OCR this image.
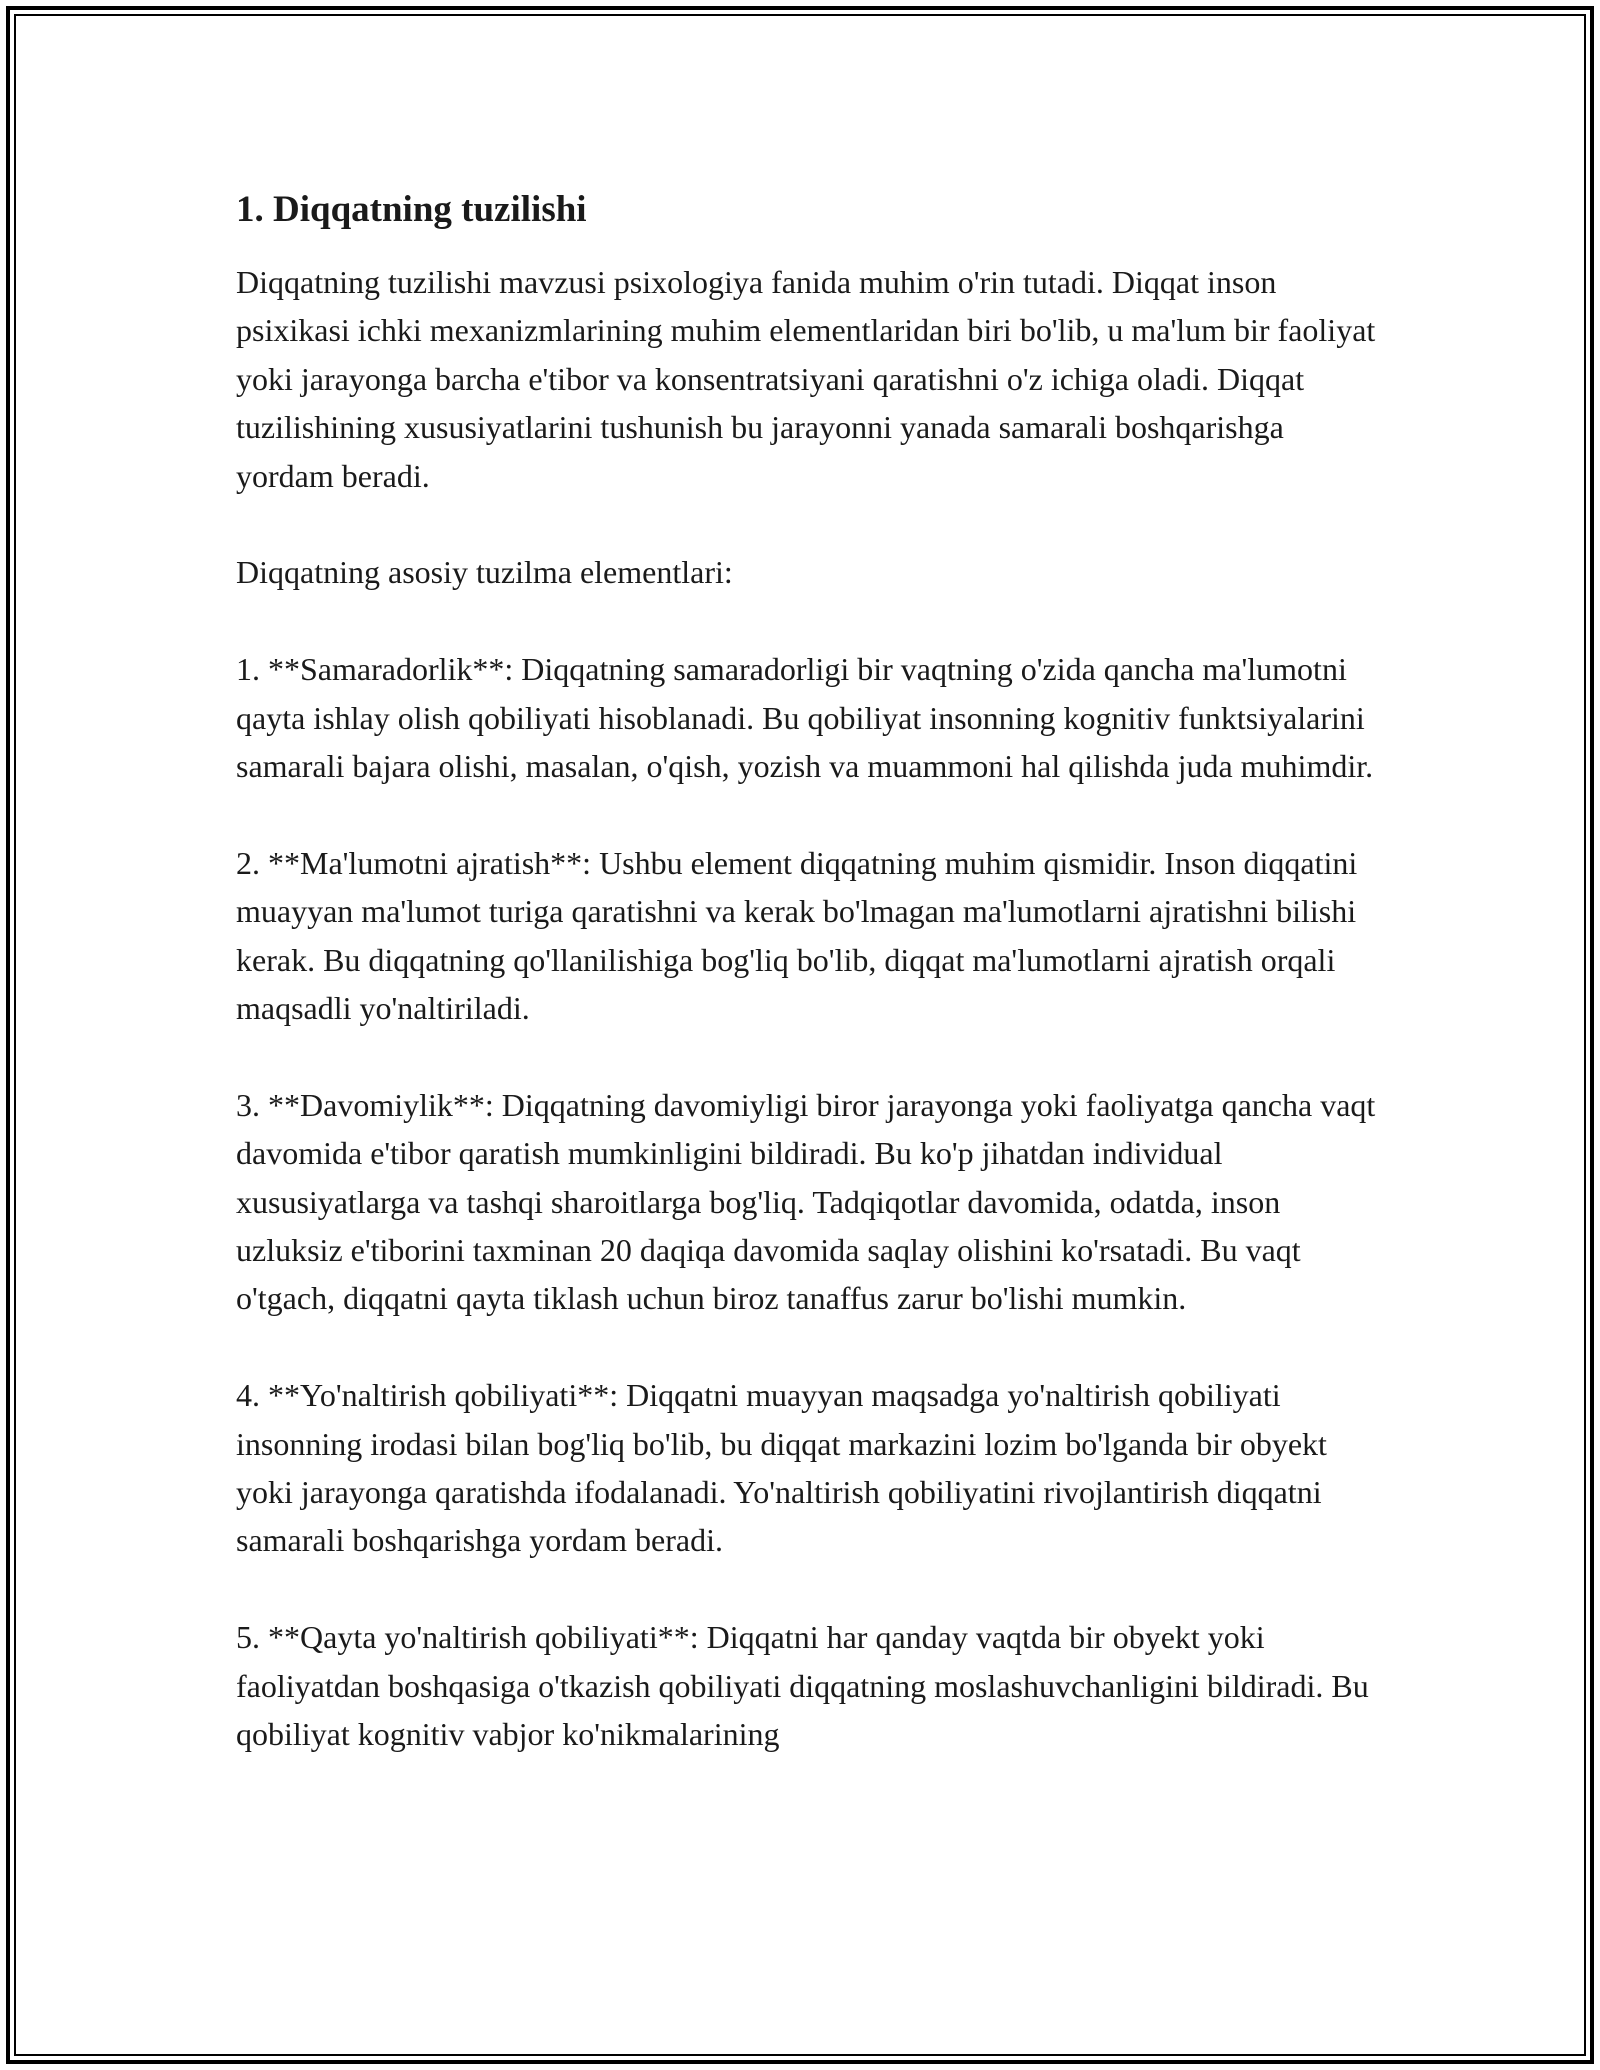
1. Diqqatning tuzilishi

Diqqatning tuzilishi mavzusi psixologiya fanida muhim o'rin tutadi. Diqqat inson psixikasi ichki mexanizmlarining muhim elementlaridan biri bo'lib, u ma'lum bir faoliyat yoki jarayonga barcha e'tibor va konsentratsiyani qaratishni o'z ichiga oladi. Diqqat tuzilishining xususiyatlarini tushunish bu jarayonni yanada samarali boshqarishga yordam beradi.

Diqqatning asosiy tuzilma elementlari:

1. **Samaradorlik**: Diqqatning samaradorligi bir vaqtning o'zida qancha ma'lumotni qayta ishlay olish qobiliyati hisoblanadi. Bu qobiliyat insonning kognitiv funktsiyalarini samarali bajara olishi, masalan, o'qish, yozish va muammoni hal qilishda juda muhimdir.

2. **Ma'lumotni ajratish**: Ushbu element diqqatning muhim qismidir. Inson diqqatini muayyan ma'lumot turiga qaratishni va kerak bo'lmagan ma'lumotlarni ajratishni bilishi kerak. Bu diqqatning qo'llanilishiga bog'liq bo'lib, diqqat ma'lumotlarni ajratish orqali maqsadli yo'naltiriladi.

3. **Davomiylik**: Diqqatning davomiyligi biror jarayonga yoki faoliyatga qancha vaqt davomida e'tibor qaratish mumkinligini bildiradi. Bu ko'p jihatdan individual xususiyatlarga va tashqi sharoitlarga bog'liq. Tadqiqotlar davomida, odatda, inson uzluksiz e'tiborini taxminan 20 daqiqa davomida saqlay olishini ko'rsatadi. Bu vaqt o'tgach, diqqatni qayta tiklash uchun biroz tanaffus zarur bo'lishi mumkin.

4. **Yo'naltirish qobiliyati**: Diqqatni muayyan maqsadga yo'naltirish qobiliyati insonning irodasi bilan bog'liq bo'lib, bu diqqat markazini lozim bo'lganda bir obyekt yoki jarayonga qaratishda ifodalanadi. Yo'naltirish qobiliyatini rivojlantirish diqqatni samarali boshqarishga yordam beradi.

5. **Qayta yo'naltirish qobiliyati**: Diqqatni har qanday vaqtda bir obyekt yoki faoliyatdan boshqasiga o'tkazish qobiliyati diqqatning moslashuvchanligini bildiradi. Bu qobiliyat kognitiv vabjor ko'nikmalarining
